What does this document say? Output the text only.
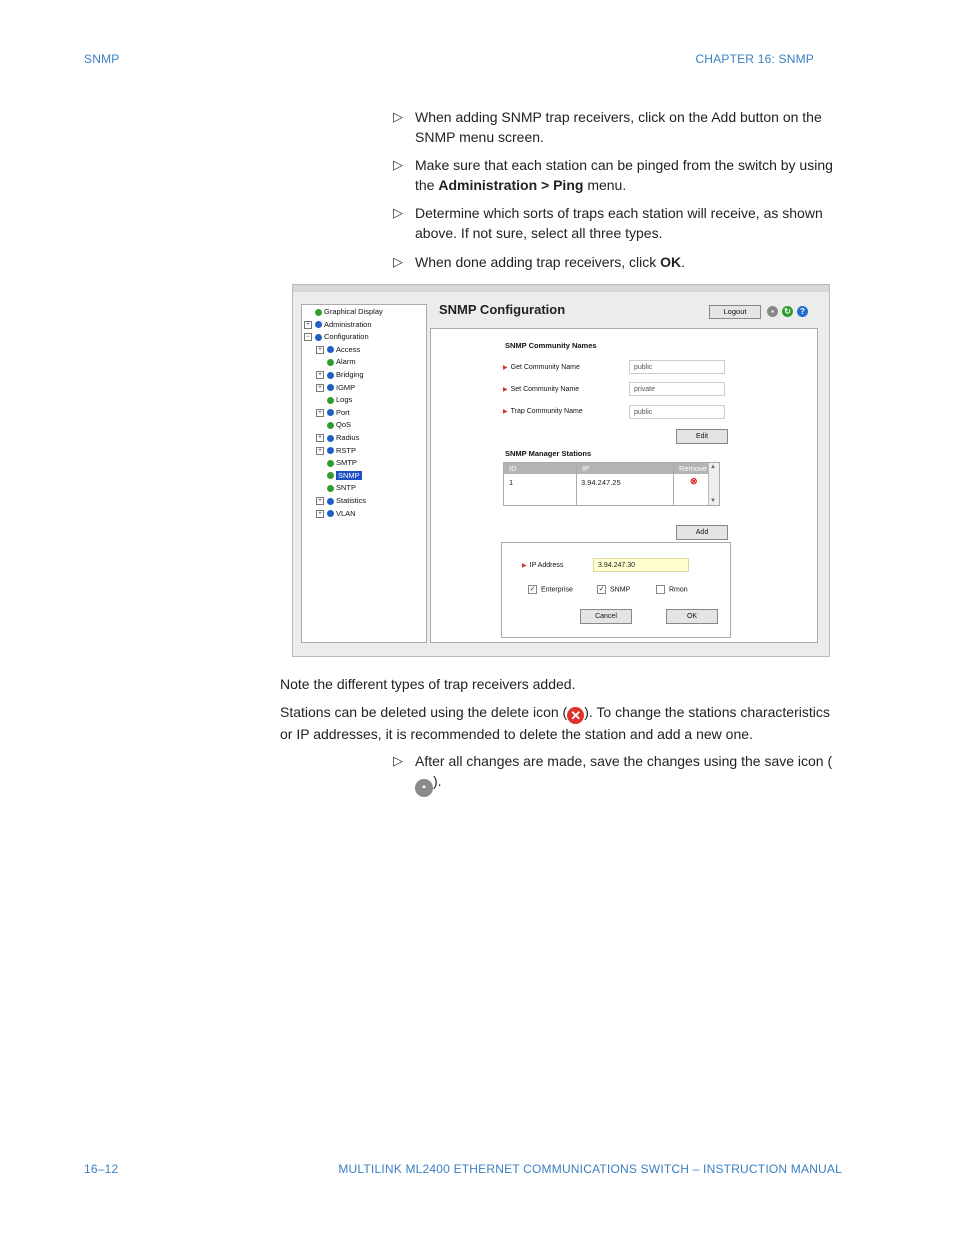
SNMP	CHAPTER 16: SNMP
▷ When adding SNMP trap receivers, click on the Add button on the SNMP menu screen.
▷ Make sure that each station can be pinged from the switch by using the Administration > Ping menu.
▷ Determine which sorts of traps each station will receive, as shown above. If not sure, select all three types.
▷ When done adding trap receivers, click OK.
Graphical Display
+ Administration
− Configuration
+ Access
Alarm
+ Bridging
+ IGMP
Logs
+ Port
QoS
+ Radius
+ RSTP
SMTP
SNMP
SNTP
+ Statistics
+ VLAN
SNMP Configuration	Logout	▪	↻	?
SNMP Community Names
▶ Get Community Name	public
▶ Set Community Name	private
▶ Trap Community Name	public
Edit
SNMP Manager Stations
ID	IP	Remove
1	3.94.247.25	⊗
▲
▼
Add
▶ IP Address	3.94.247.30
✓ Enterprise	✓ SNMP	Rmon
Cancel	OK
Note the different types of trap receivers added.
Stations can be deleted using the delete icon ( ✕ ). To change the stations characteristics or IP addresses, it is recommended to delete the station and add a new one.
▷ After all changes are made, save the changes using the save icon (▪ ).
16–12	MULTILINK ML2400 ETHERNET COMMUNICATIONS SWITCH – INSTRUCTION MANUAL
